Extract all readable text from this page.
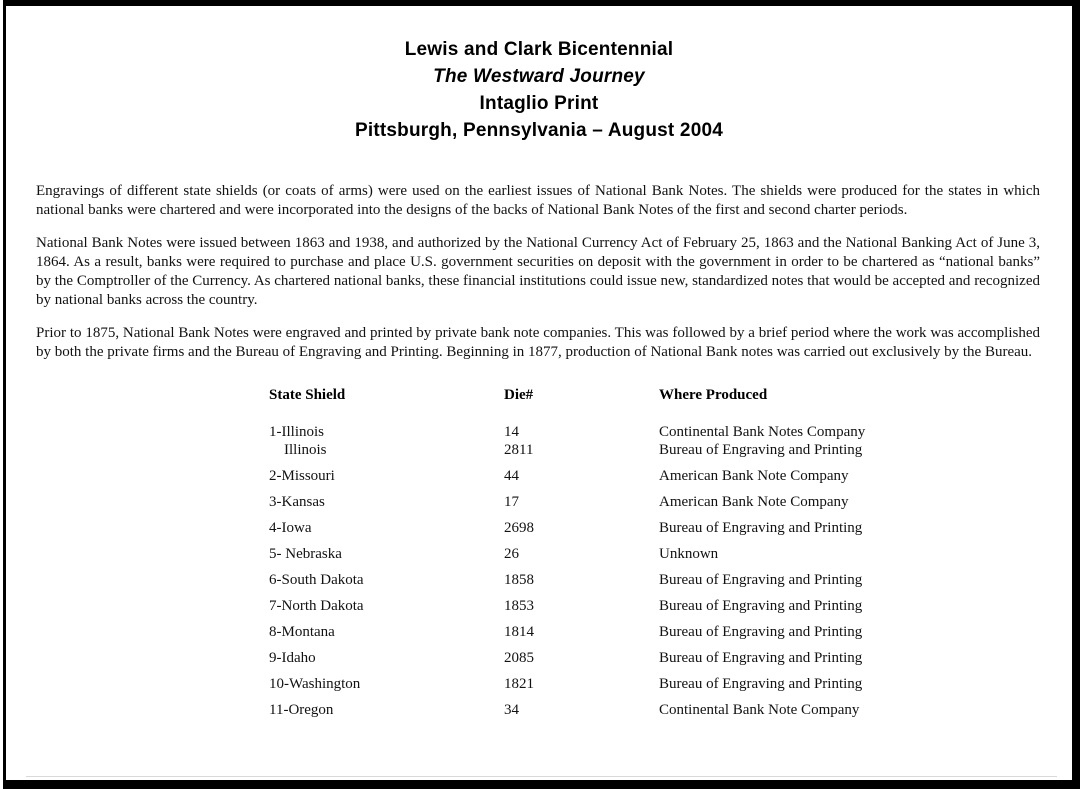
Lewis and Clark Bicentennial
The Westward Journey
Intaglio Print
Pittsburgh, Pennsylvania – August 2004

Engravings of different state shields (or coats of arms) were used on the earliest issues of National Bank Notes. The shields were produced for the states in which national banks were chartered and were incorporated into the designs of the backs of National Bank Notes of the first and second charter periods.

National Bank Notes were issued between 1863 and 1938, and authorized by the National Currency Act of February 25, 1863 and the National Banking Act of June 3, 1864. As a result, banks were required to purchase and place U.S. government securities on deposit with the government in order to be chartered as “national banks” by the Comptroller of the Currency. As chartered national banks, these financial institutions could issue new, standardized notes that would be accepted and recognized by national banks across the country.

Prior to 1875, National Bank Notes were engraved and printed by private bank note companies. This was followed by a brief period where the work was accomplished by both the private firms and the Bureau of Engraving and Printing. Beginning in 1877, production of National Bank notes was carried out exclusively by the Bureau.

State Shield	Die#	Where Produced
1-Illinois	14	Continental Bank Notes Company
Illinois	2811	Bureau of Engraving and Printing
2-Missouri	44	American Bank Note Company
3-Kansas	17	American Bank Note Company
4-Iowa	2698	Bureau of Engraving and Printing
5- Nebraska	26	Unknown
6-South Dakota	1858	Bureau of Engraving and Printing
7-North Dakota	1853	Bureau of Engraving and Printing
8-Montana	1814	Bureau of Engraving and Printing
9-Idaho	2085	Bureau of Engraving and Printing
10-Washington	1821	Bureau of Engraving and Printing
11-Oregon	34	Continental Bank Note Company
